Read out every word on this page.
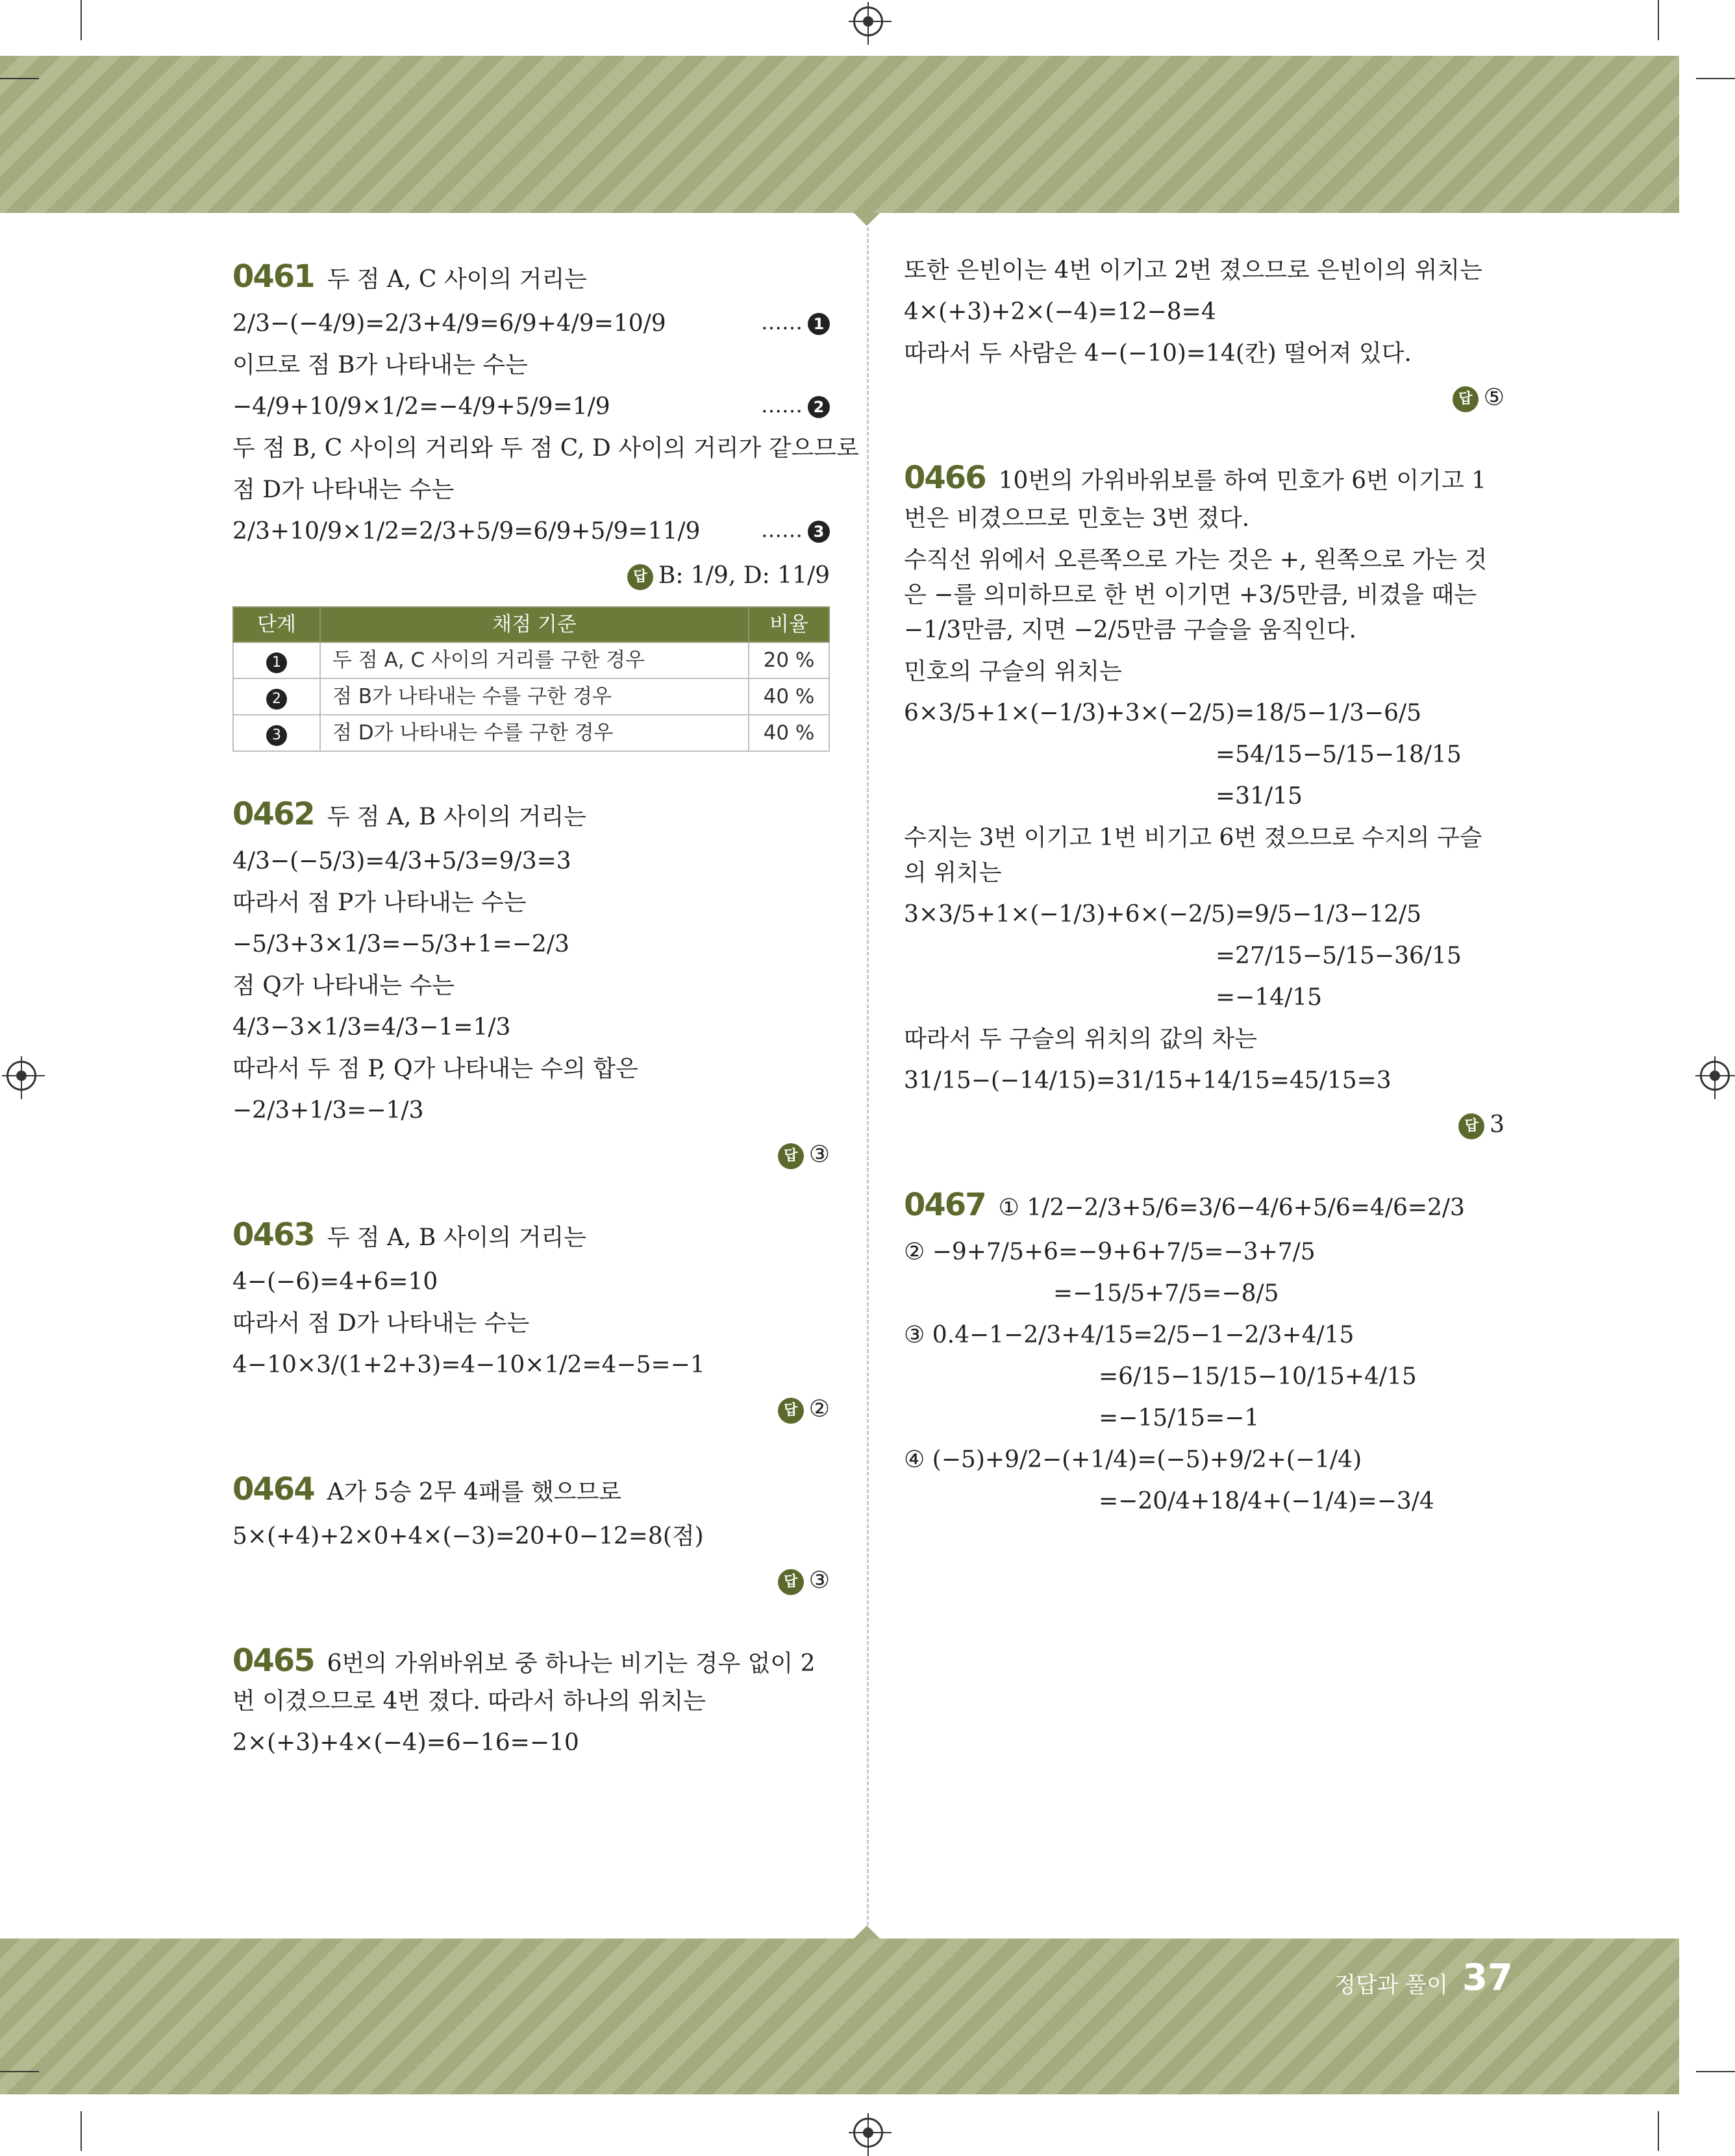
0461 두 점 A, C 사이의 거리는
2/3−(−4/9)=2/3+4/9=6/9+4/9=10/9	…… 1
이므로 점 B가 나타내는 수는
−4/9+10/9×1/2=−4/9+5/9=1/9	…… 2
두 점 B, C 사이의 거리와 두 점 C, D 사이의 거리가 같으므로
점 D가 나타내는 수는
2/3+10/9×1/2=2/3+5/9=6/9+5/9=11/9	…… 3
답 B: 1/9, D: 11/9
단계	채점 기준	비율
1	두 점 A, C 사이의 거리를 구한 경우	20 %
2	점 B가 나타내는 수를 구한 경우	40 %
3	점 D가 나타내는 수를 구한 경우	40 %
0462 두 점 A, B 사이의 거리는
4/3−(−5/3)=4/3+5/3=9/3=3
따라서 점 P가 나타내는 수는
−5/3+3×1/3=−5/3+1=−2/3
점 Q가 나타내는 수는
4/3−3×1/3=4/3−1=1/3
따라서 두 점 P, Q가 나타내는 수의 합은
−2/3+1/3=−1/3
답 ③
0463 두 점 A, B 사이의 거리는
4−(−6)=4+6=10
따라서 점 D가 나타내는 수는
4−10×3/(1+2+3)=4−10×1/2=4−5=−1
답 ②
0464 A가 5승 2무 4패를 했으므로
5×(+4)+2×0+4×(−3)=20+0−12=8(점)
답 ③
0465 6번의 가위바위보 중 하나는 비기는 경우 없이 2번 이겼으므로 4번 졌다. 따라서 하나의 위치는
2×(+3)+4×(−4)=6−16=−10
또한 은빈이는 4번 이기고 2번 졌으므로 은빈이의 위치는
4×(+3)+2×(−4)=12−8=4
따라서 두 사람은 4−(−10)=14(칸) 떨어져 있다.
답 ⑤
0466 10번의 가위바위보를 하여 민호가 6번 이기고 1번은 비겼으므로 민호는 3번 졌다.
수직선 위에서 오른쪽으로 가는 것은 +, 왼쪽으로 가는 것은 −를 의미하므로 한 번 이기면 +3/5만큼, 비겼을 때는 −1/3만큼, 지면 −2/5만큼 구슬을 움직인다.
민호의 구슬의 위치는
6×3/5+1×(−1/3)+3×(−2/5)=18/5−1/3−6/5
=54/15−5/15−18/15
=31/15
수지는 3번 이기고 1번 비기고 6번 졌으므로 수지의 구슬의 위치는
3×3/5+1×(−1/3)+6×(−2/5)=9/5−1/3−12/5
=27/15−5/15−36/15
=−14/15
따라서 두 구슬의 위치의 값의 차는
31/15−(−14/15)=31/15+14/15=45/15=3
답 3
0467 ① 1/2−2/3+5/6=3/6−4/6+5/6=4/6=2/3
② −9+7/5+6=−9+6+7/5=−3+7/5
=−15/5+7/5=−8/5
③ 0.4−1−2/3+4/15=2/5−1−2/3+4/15
=6/15−15/15−10/15+4/15
=−15/15=−1
④ (−5)+9/2−(+1/4)=(−5)+9/2+(−1/4)
=−20/4+18/4+(−1/4)=−3/4
정답과 풀이 37
